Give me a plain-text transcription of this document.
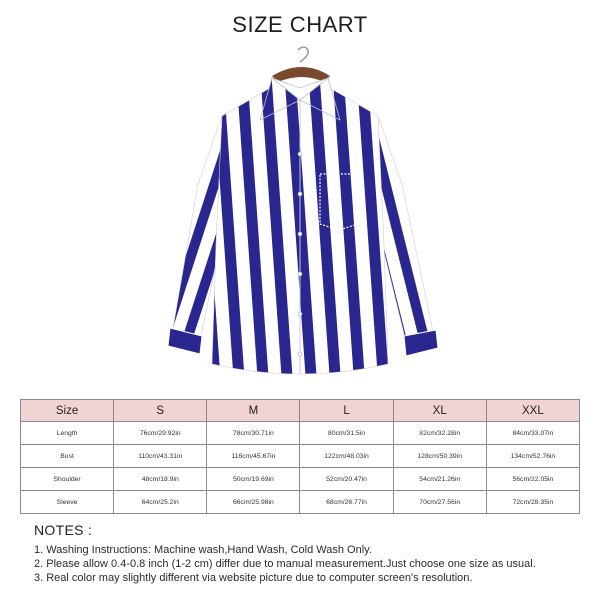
SIZE CHART
Size	S	M	L	XL	XXL
Length	76cm/29.92in	78cm/30.71in	80cm/31.5in	82cm/32.28in	84cm/33.07in
Bust	110cm/43.31in	116cm/45.67in	122cm/48.03in	128cm/50.39in	134cm/52.76in
Shoulder	48cm/18.9in	50cm/19.69in	52cm/20.47in	54cm/21.26in	56cm/22.05in
Sleeve	64cm/25.2in	66cm/25.98in	68cm/26.77in	70cm/27.56in	72cm/28.35in
NOTES :
1. Washing Instructions: Machine wash,Hand Wash, Cold Wash Only.
2. Please allow 0.4-0.8 inch (1-2 cm) differ due to manual measurement.Just choose one size as usual.
3. Real color may slightly different via website picture due to computer screen's resolution.
